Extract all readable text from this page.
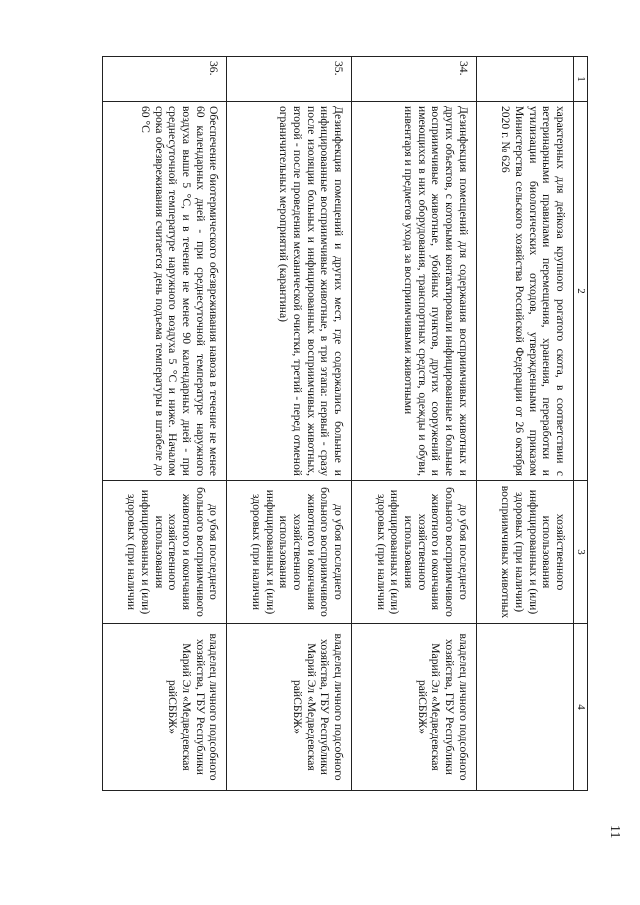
11
1	2	3	4

	характерных для дейкоза крупного рогатого скота, в соответствии с ветеринарными правилами перемещения, хранения, переработки и утилизации биологических отходов, утвержденными приказом Министерства сельского хозяйства Российской Федерации от 26 октября 2020 г. № 626	хозяйственного использования инфицированных и (или) здоровых (при наличии) восприимчивых животных	

34.	Дезинфекция помещений для содержания восприимчивых животных и других объектов, с которыми контактировали инфицированные и больные восприимчивые животные, убойных пунктов, других сооружений и имеющихся в них оборудования, транспортных средств, одежды и обуви, инвентаря и предметов ухода за восприимчивыми животными	до убоя последнего больного восприимчивого животного и окончания хозяйственного использования инфицированных и (или) здоровых (при наличии	владелец личного подсобного хозяйства, ГБУ Республики Марий Эл «Медведевская райСББЖ»

35.	Дезинфекция помещений и других мест, где содержались больные и инфицированные восприимчивые животные, в три этапа: первый - сразу после изоляции больных и инфицированных восприимчивых животных, второй - после проведения механической очистки, третий - перед отменой ограничительных мероприятий (карантина)	до убоя последнего больного восприимчивого животного и окончания хозяйственного использования инфицированных и (или) здоровых (при наличии	владелец личного подсобного хозяйства, ГБУ Республики Марий Эл «Медведевская райСББЖ»

36.	Обеспечение биотермического обезвреживания навоза в течение не менее 60 календарных дней - при среднесуточной температуре наружного воздуха выше 5 °С, и в течение не менее 90 календарных дней - при среднесуточной температуре наружного воздуха 5 °С и ниже. Началом срока обезвреживания считается день подъема температуры в штабеле до 60 °С	до убоя последнего больного восприимчивого животного и окончания хозяйственного использования инфицированных и (или) здоровых (при наличии	владелец личного подсобного хозяйства, ГБУ Республики Марий Эл «Медведевская райСББЖ»
